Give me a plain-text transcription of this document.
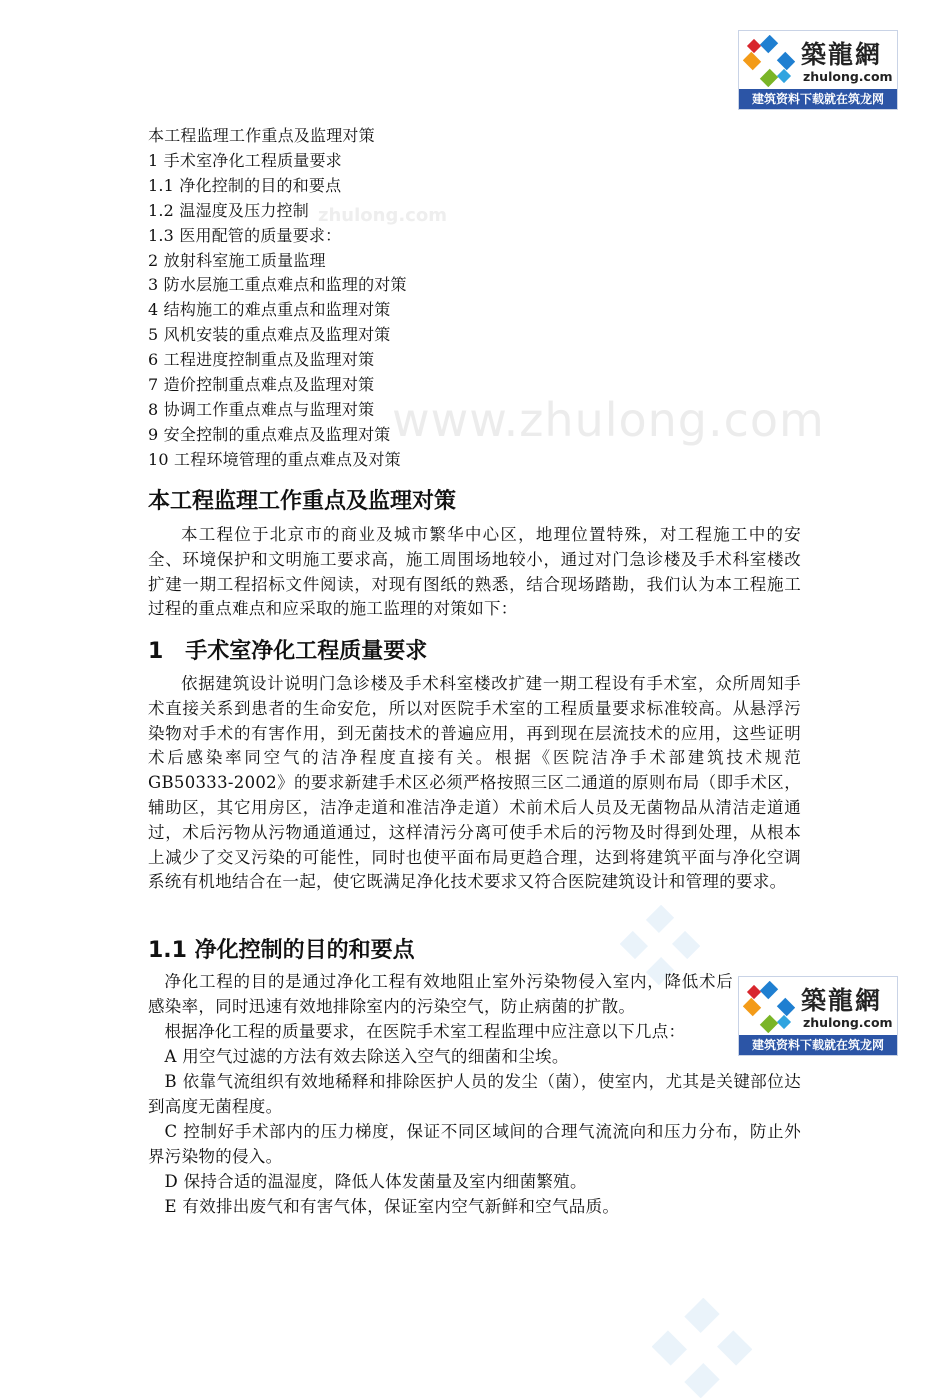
築龍網
zhulong.com
建筑资料下载就在筑龙网
築龍網
zhulong.com
建筑资料下载就在筑龙网
www.zhulong.com
zhulong.com
本工程监理工作重点及监理对策
1 手术室净化工程质量要求
1.1 净化控制的目的和要点
1.2 温湿度及压力控制
1.3 医用配管的质量要求：
2 放射科室施工质量监理
3 防水层施工重点难点和监理的对策
4 结构施工的难点重点和监理对策
5 风机安装的重点难点及监理对策
6 工程进度控制重点及监理对策
7 造价控制重点难点及监理对策
8 协调工作重点难点与监理对策
9 安全控制的重点难点及监理对策
10 工程环境管理的重点难点及对策
本工程监理工作重点及监理对策

本工程位于北京市的商业及城市繁华中心区，地理位置特殊，对工程施工中的安全、环境保护和文明施工要求高，施工周围场地较小，通过对门急诊楼及手术科室楼改扩建一期工程招标文件阅读，对现有图纸的熟悉，结合现场踏勘，我们认为本工程施工过程的重点难点和应采取的施工监理的对策如下：

1　手术室净化工程质量要求

依据建筑设计说明门急诊楼及手术科室楼改扩建一期工程设有手术室，众所周知手术直接关系到患者的生命安危，所以对医院手术室的工程质量要求标准较高。从悬浮污染物对手术的有害作用，到无菌技术的普遍应用，再到现在层流技术的应用，这些证明术后感染率同空气的洁净程度直接有关。根据《医院洁净手术部建筑技术规范GB50333-2002》的要求新建手术区必须严格按照三区二通道的原则布局（即手术区，辅助区，其它用房区，洁净走道和准洁净走道）术前术后人员及无菌物品从清洁走道通过，术后污物从污物通道通过，这样清污分离可使手术后的污物及时得到处理，从根本上减少了交叉污染的可能性，同时也使平面布局更趋合理，达到将建筑平面与净化空调系统有机地结合在一起，使它既满足净化技术要求又符合医院建筑设计和管理的要求。

1.1 净化控制的目的和要点

净化工程的目的是通过净化工程有效地阻止室外污染物侵入室内，降低术后感染率，同时迅速有效地排除室内的污染空气，防止病菌的扩散。

根据净化工程的质量要求，在医院手术室工程监理中应注意以下几点：

A 用空气过滤的方法有效去除送入空气的细菌和尘埃。

B 依靠气流组织有效地稀释和排除医护人员的发尘（菌），使室内，尤其是关键部位达到高度无菌程度。

C 控制好手术部内的压力梯度，保证不同区域间的合理气流流向和压力分布，防止外界污染物的侵入。

D 保持合适的温湿度，降低人体发菌量及室内细菌繁殖。

E 有效排出废气和有害气体，保证室内空气新鲜和空气品质。
